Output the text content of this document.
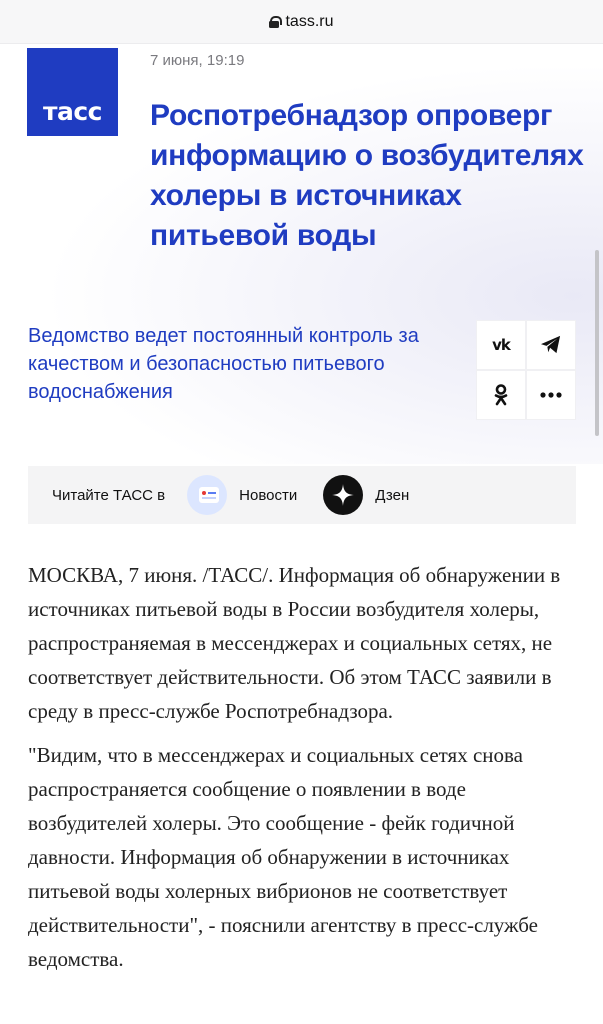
tass.ru
тасс
7 июня, 19:19
Роспотребнадзор опроверг информацию о возбудителях холеры в источниках питьевой воды
Ведомство ведет постоянный контроль за качеством и безопасностью питьевого водоснабжения
vk
Читайте ТАСС в	Новости	Дзен

МОСКВА, 7 июня. /ТАСС/. Информация об обнаружении в источниках питьевой воды в России возбудителя холеры, распространяемая в мессенджерах и социальных сетях, не соответствует действительности. Об этом ТАСС заявили в среду в пресс-службе Роспотребнадзора.

"Видим, что в мессенджерах и социальных сетях снова распространяется сообщение о появлении в воде возбудителей холеры. Это сообщение - фейк годичной давности. Информация об обнаружении в источниках питьевой воды холерных вибрионов не соответствует действительности", - пояснили агентству в пресс-службе ведомства.
